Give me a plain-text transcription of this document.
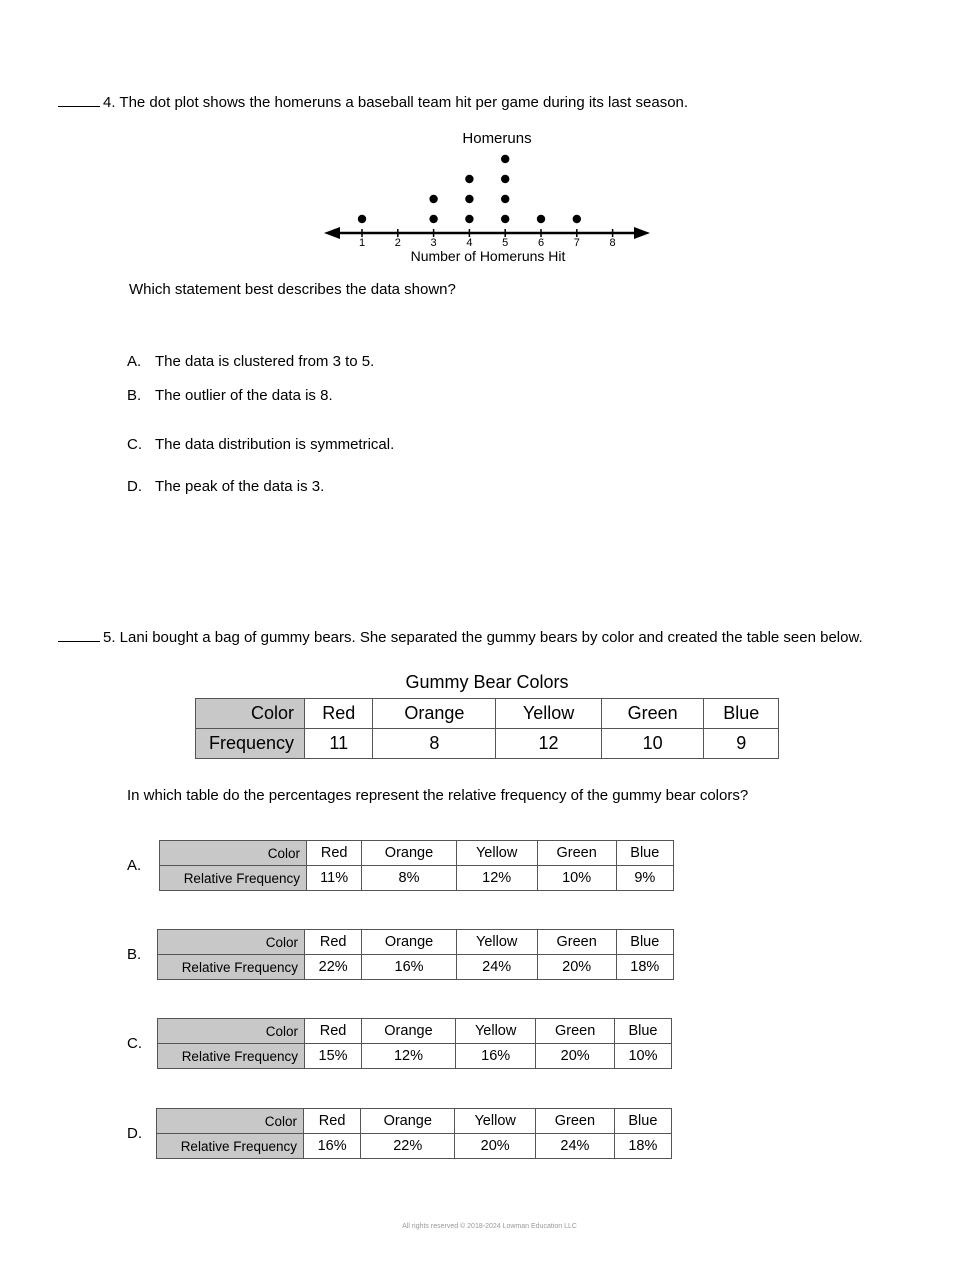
4. The dot plot shows the homeruns a baseball team hit per game during its last season.
Homeruns
1	2	3	4	5	6	7	8
Number of Homeruns Hit
Which statement best describes the data shown?
A. The data is clustered from 3 to 5.
B. The outlier of the data is 8.
C. The data distribution is symmetrical.
D. The peak of the data is 3.
5. Lani bought a bag of gummy bears. She separated the gummy bears by color and created the table seen below.
Gummy Bear Colors
Color	Red	Orange	Yellow	Green	Blue
Frequency	11	8	12	10	9
In which table do the percentages represent the relative frequency of the gummy bear colors?
A.
Color	Red	Orange	Yellow	Green	Blue
Relative Frequency	11%	8%	12%	10%	9%
B.
Color	Red	Orange	Yellow	Green	Blue
Relative Frequency	22%	16%	24%	20%	18%
C.
Color	Red	Orange	Yellow	Green	Blue
Relative Frequency	15%	12%	16%	20%	10%
D.
Color	Red	Orange	Yellow	Green	Blue
Relative Frequency	16%	22%	20%	24%	18%
All rights reserved © 2018-2024 Lowman Education LLC
